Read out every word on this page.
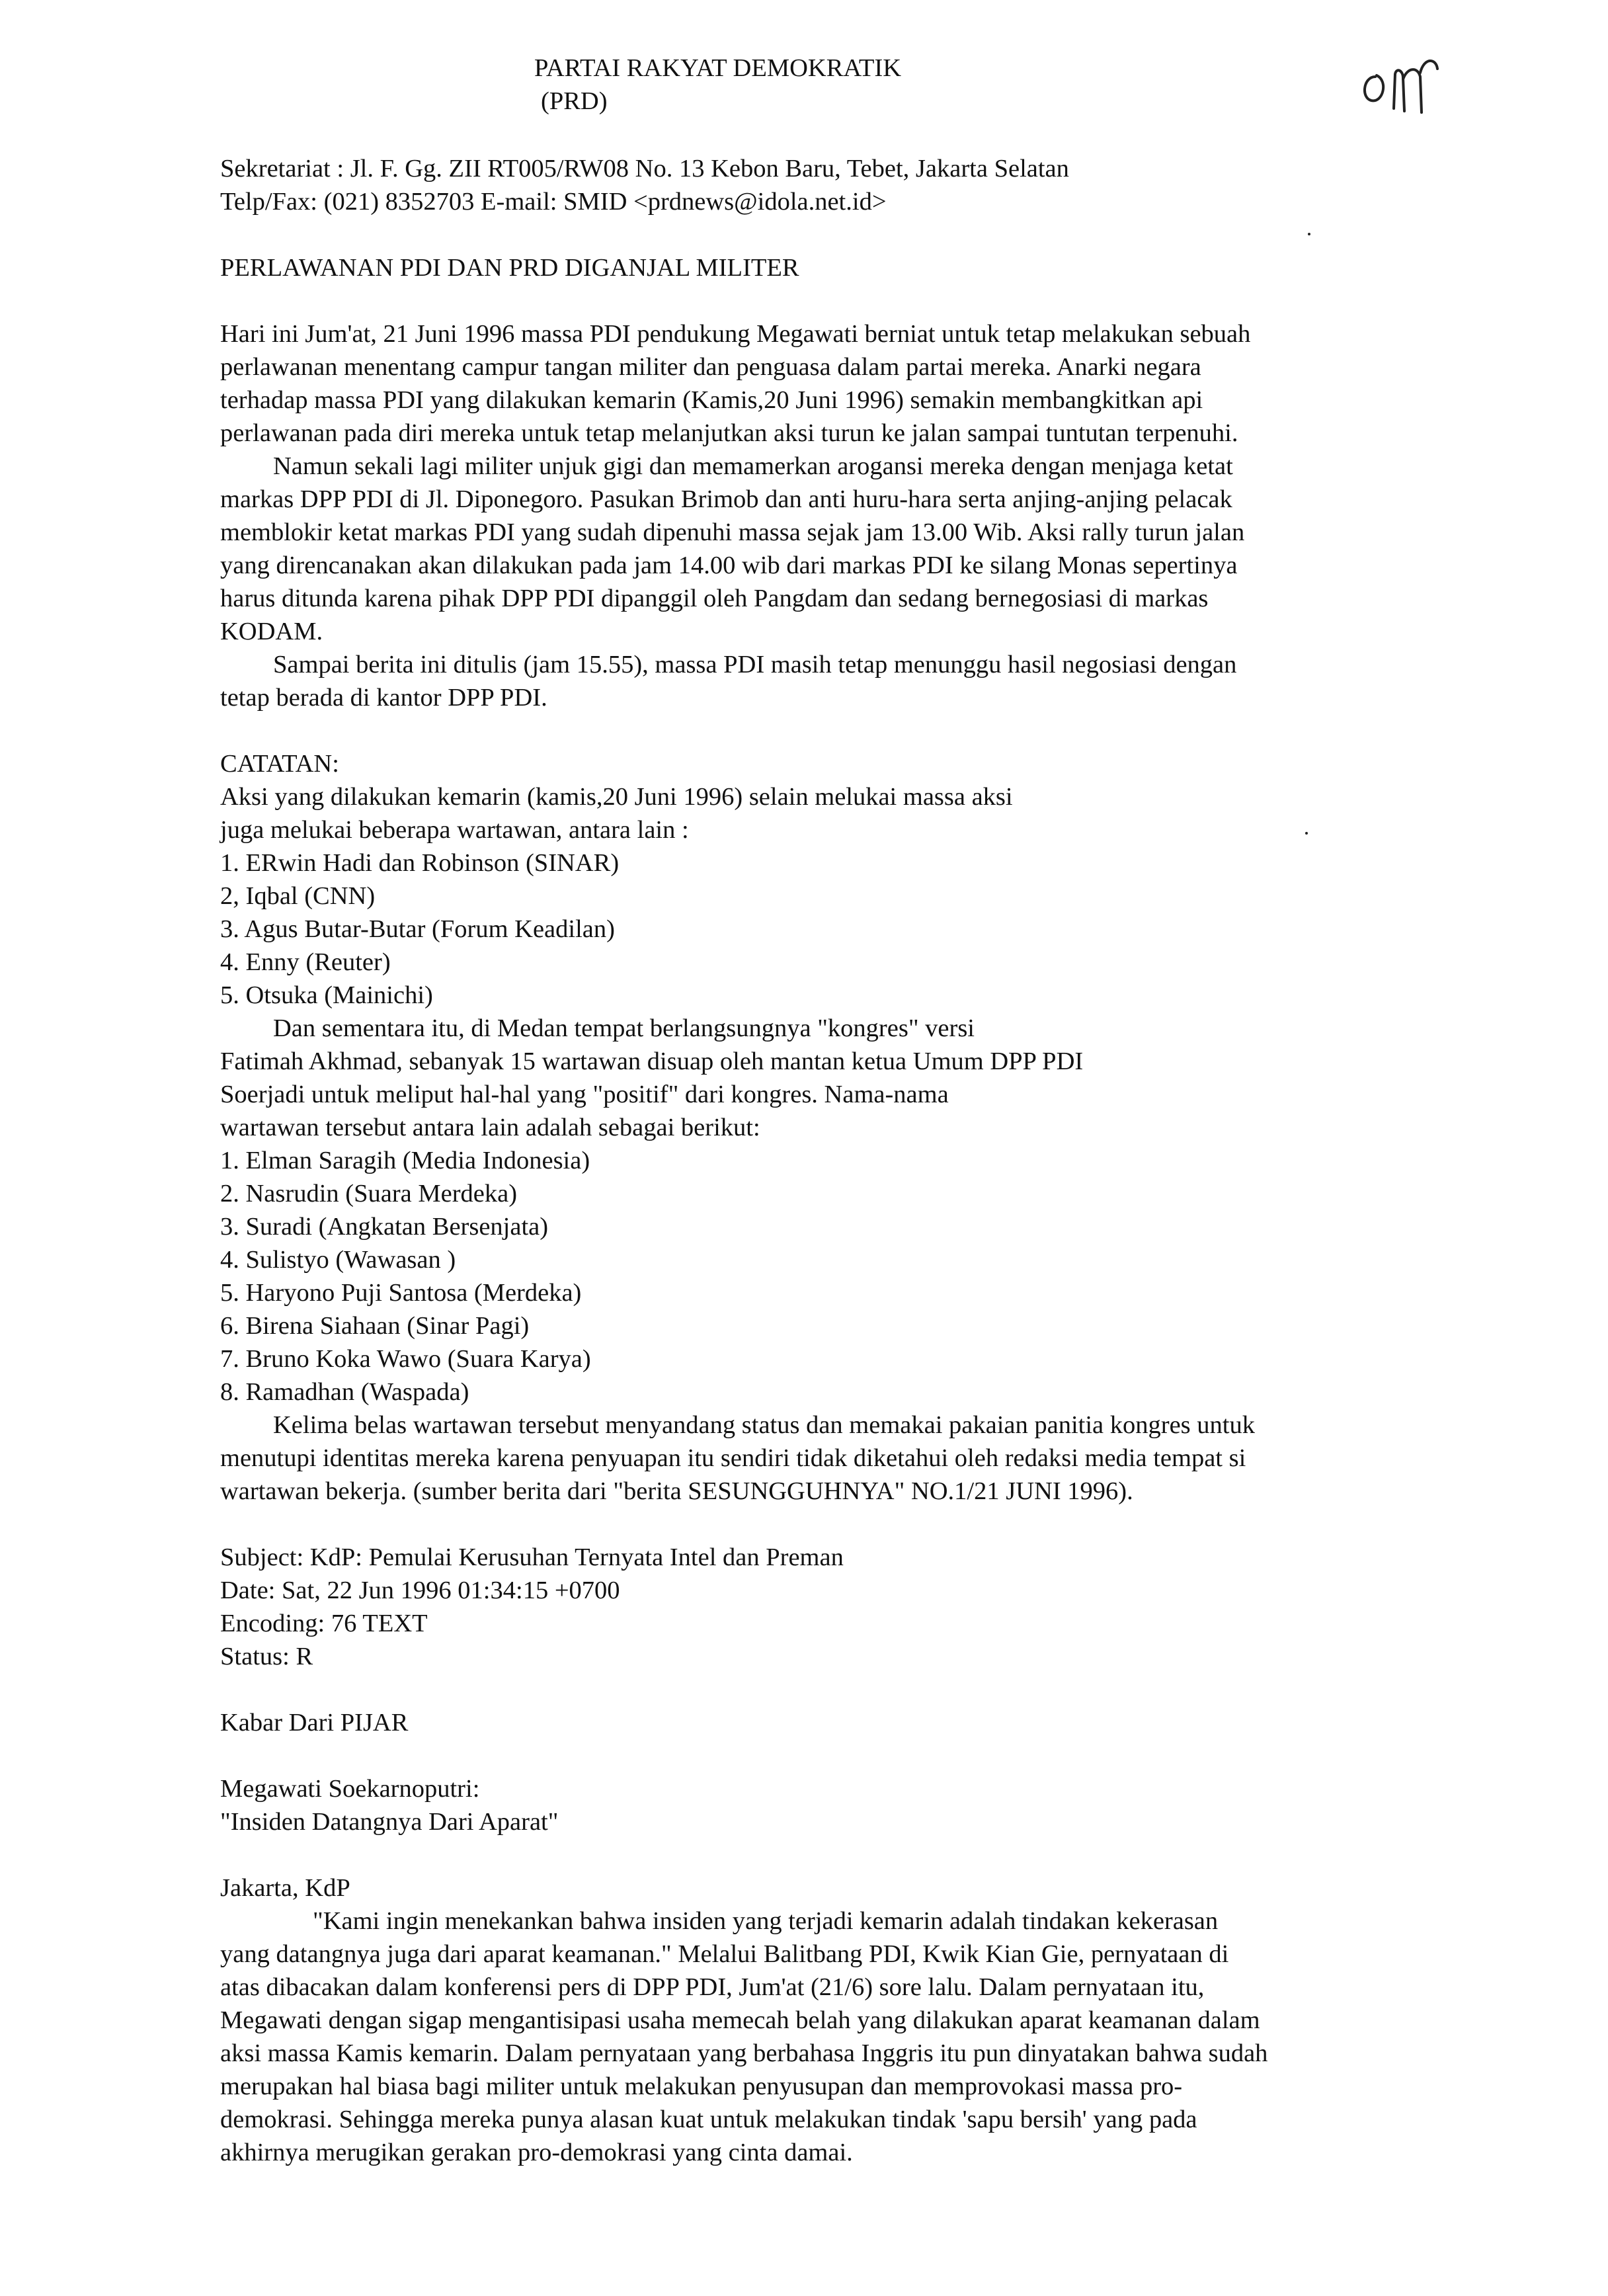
PARTAI RAKYAT DEMOKRATIK
(PRD)
Sekretariat : Jl. F. Gg. ZII RT005/RW08 No. 13 Kebon Baru, Tebet, Jakarta Selatan
Telp/Fax: (021) 8352703 E-mail: SMID <prdnews@idola.net.id>
PERLAWANAN PDI DAN PRD DIGANJAL MILITER
Hari ini Jum'at, 21 Juni 1996 massa PDI pendukung Megawati berniat untuk tetap melakukan sebuah
perlawanan menentang campur tangan militer dan penguasa dalam partai mereka. Anarki negara
terhadap massa PDI yang dilakukan kemarin (Kamis,20 Juni 1996) semakin membangkitkan api
perlawanan pada diri mereka untuk tetap melanjutkan aksi turun ke jalan sampai tuntutan terpenuhi.
Namun sekali lagi militer unjuk gigi dan memamerkan arogansi mereka dengan menjaga ketat
markas DPP PDI di Jl. Diponegoro. Pasukan Brimob dan anti huru-hara serta anjing-anjing pelacak
memblokir ketat markas PDI yang sudah dipenuhi massa sejak jam 13.00 Wib. Aksi rally turun jalan
yang direncanakan akan dilakukan pada jam 14.00 wib dari markas PDI ke silang Monas sepertinya
harus ditunda karena pihak DPP PDI dipanggil oleh Pangdam dan sedang bernegosiasi di markas
KODAM.
Sampai berita ini ditulis (jam 15.55), massa PDI masih tetap menunggu hasil negosiasi dengan
tetap berada di kantor DPP PDI.
CATATAN:
Aksi yang dilakukan kemarin (kamis,20 Juni 1996) selain melukai massa aksi
juga melukai beberapa wartawan, antara lain :
1. ERwin Hadi dan Robinson (SINAR)
2, Iqbal (CNN)
3. Agus Butar-Butar (Forum Keadilan)
4. Enny (Reuter)
5. Otsuka (Mainichi)
Dan sementara itu, di Medan tempat berlangsungnya "kongres" versi
Fatimah Akhmad, sebanyak 15 wartawan disuap oleh mantan ketua Umum DPP PDI
Soerjadi untuk meliput hal-hal yang "positif" dari kongres. Nama-nama
wartawan tersebut antara lain adalah sebagai berikut:
1. Elman Saragih (Media Indonesia)
2. Nasrudin (Suara Merdeka)
3. Suradi (Angkatan Bersenjata)
4. Sulistyo (Wawasan )
5. Haryono Puji Santosa (Merdeka)
6. Birena Siahaan (Sinar Pagi)
7. Bruno Koka Wawo (Suara Karya)
8. Ramadhan (Waspada)
Kelima belas wartawan tersebut menyandang status dan memakai pakaian panitia kongres untuk
menutupi identitas mereka karena penyuapan itu sendiri tidak diketahui oleh redaksi media tempat si
wartawan bekerja. (sumber berita dari "berita SESUNGGUHNYA" NO.1/21 JUNI 1996).
Subject: KdP: Pemulai Kerusuhan Ternyata Intel dan Preman
Date: Sat, 22 Jun 1996 01:34:15 +0700
Encoding: 76 TEXT
Status: R
Kabar Dari PIJAR
Megawati Soekarnoputri:
"Insiden Datangnya Dari Aparat"
Jakarta, KdP
"Kami ingin menekankan bahwa insiden yang terjadi kemarin adalah tindakan kekerasan
yang datangnya juga dari aparat keamanan." Melalui Balitbang PDI, Kwik Kian Gie, pernyataan di
atas dibacakan dalam konferensi pers di DPP PDI, Jum'at (21/6) sore lalu. Dalam pernyataan itu,
Megawati dengan sigap mengantisipasi usaha memecah belah yang dilakukan aparat keamanan dalam
aksi massa Kamis kemarin. Dalam pernyataan yang berbahasa Inggris itu pun dinyatakan bahwa sudah
merupakan hal biasa bagi militer untuk melakukan penyusupan dan memprovokasi massa pro-
demokrasi. Sehingga mereka punya alasan kuat untuk melakukan tindak 'sapu bersih' yang pada
akhirnya merugikan gerakan pro-demokrasi yang cinta damai.
